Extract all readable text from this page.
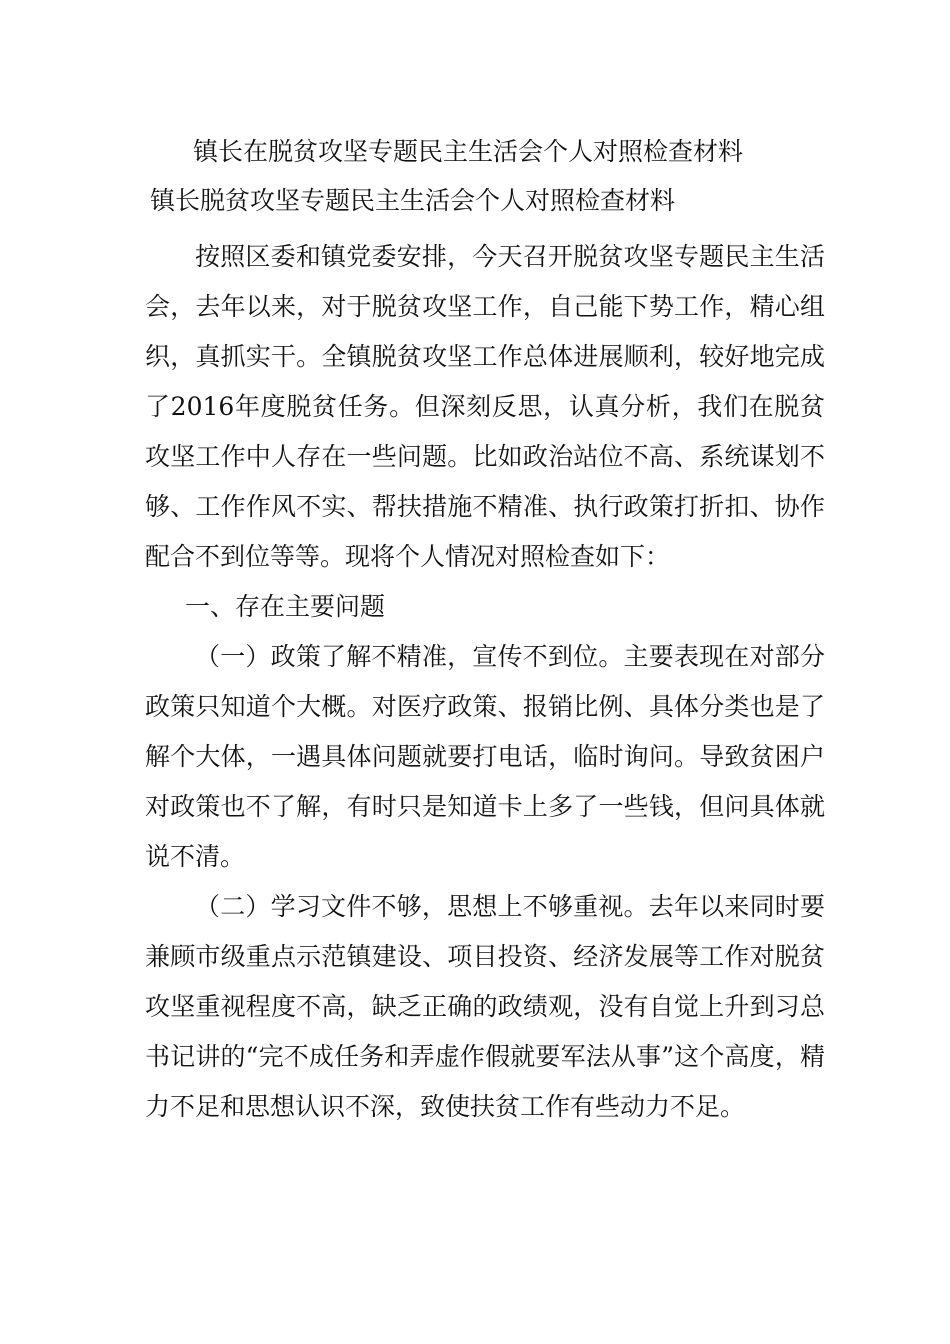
镇长在脱贫攻坚专题民主生活会个人对照检查材料
镇长脱贫攻坚专题民主生活会个人对照检查材料

按照区委和镇党委安排，今天召开脱贫攻坚专题民主生活会，去年以来，对于脱贫攻坚工作，自己能下势工作，精心组织，真抓实干。全镇脱贫攻坚工作总体进展顺利，较好地完成了2016年度脱贫任务。但深刻反思，认真分析，我们在脱贫攻坚工作中人存在一些问题。比如政治站位不高、系统谋划不够、工作作风不实、帮扶措施不精准、执行政策打折扣、协作配合不到位等等。现将个人情况对照检查如下：

一、存在主要问题

（一）政策了解不精准，宣传不到位。主要表现在对部分政策只知道个大概。对医疗政策、报销比例、具体分类也是了解个大体，一遇具体问题就要打电话，临时询问。导致贫困户对政策也不了解，有时只是知道卡上多了一些钱，但问具体就说不清。

（二）学习文件不够，思想上不够重视。去年以来同时要兼顾市级重点示范镇建设、项目投资、经济发展等工作对脱贫攻坚重视程度不高，缺乏正确的政绩观，没有自觉上升到习总书记讲的“完不成任务和弄虚作假就要军法从事”这个高度，精力不足和思想认识不深，致使扶贫工作有些动力不足。
